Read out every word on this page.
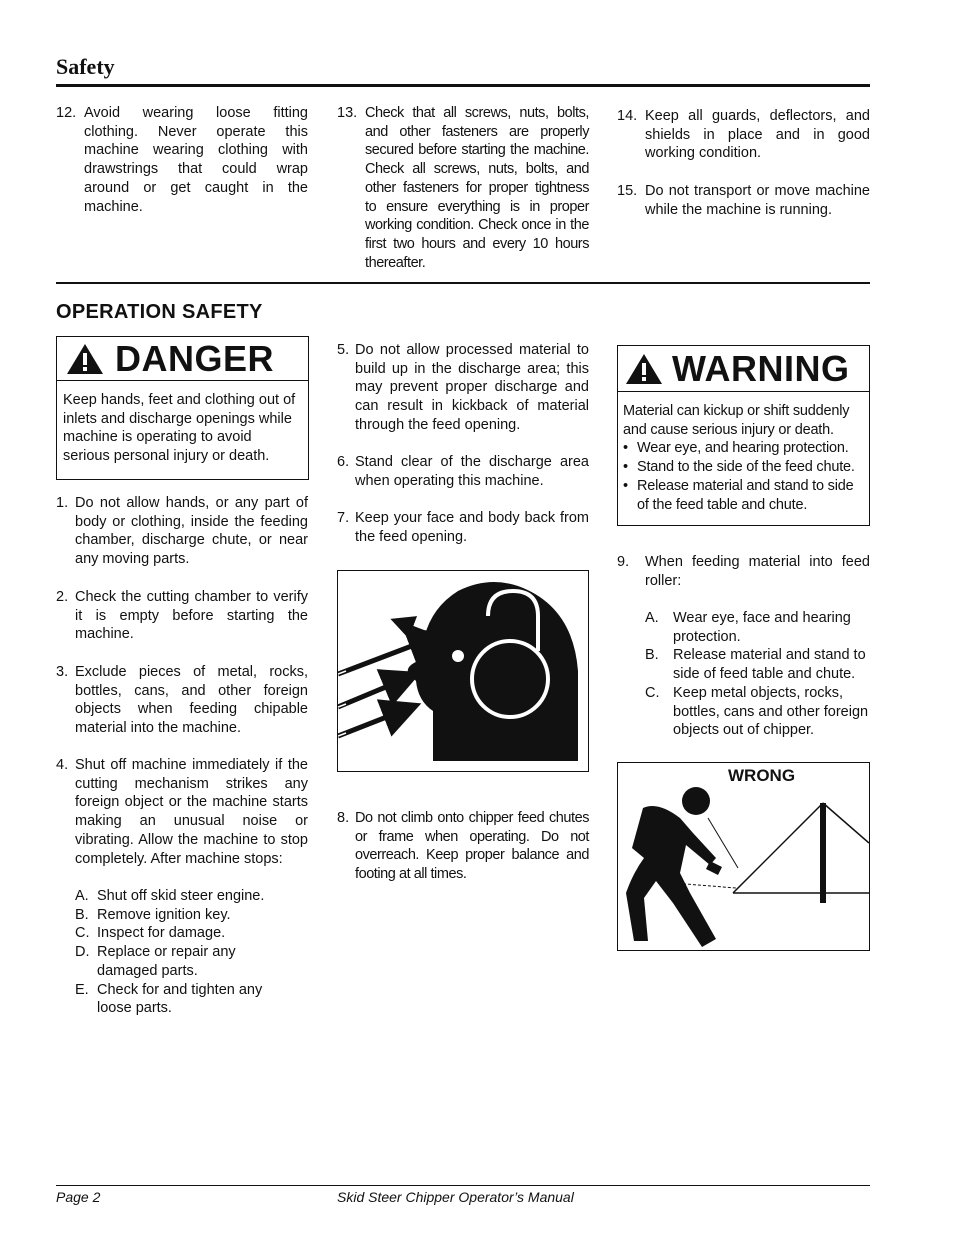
Safety
12. Avoid wearing loose fitting clothing. Never operate this machine wearing clothing with drawstrings that could wrap around or get caught in the machine.
13. Check that all screws, nuts, bolts, and other fasteners are properly secured before starting the machine. Check all screws, nuts, bolts, and other fasteners for proper tightness to ensure everything is in proper working condition. Check once in the first two hours and every 10 hours thereafter.
14. Keep all guards, deflectors, and shields in place and in good working condition.
15. Do not transport or move machine while the machine is running.
OPERATION SAFETY
DANGER
Keep hands, feet and clothing out of inlets and discharge openings while machine is operating to avoid serious personal injury or death.
1. Do not allow hands, or any part of body or clothing, inside the feeding chamber, discharge chute, or near any moving parts.
2. Check the cutting chamber to verify it is empty before starting the machine.
3. Exclude pieces of metal, rocks, bottles, cans, and other foreign objects when feeding chipable material into the machine.
4. Shut off machine immediately if the cutting mechanism strikes any foreign object or the machine starts making an unusual noise or vibrating. Allow the machine to stop completely. After machine stops:
A. Shut off skid steer engine.
B. Remove ignition key.
C. Inspect for damage.
D. Replace or repair any damaged parts.
E. Check for and tighten any loose parts.
5. Do not allow processed material to build up in the discharge area; this may prevent proper discharge and can result in kickback of material through the feed opening.
6. Stand clear of the discharge area when operating this machine.
7. Keep your face and body back from the feed opening.
8. Do not climb onto chipper feed chutes or frame when operating. Do not overreach. Keep proper balance and footing at all times.
WARNING
Material can kickup or shift suddenly and cause serious injury or death.
• Wear eye, and hearing protection.
• Stand to the side of the feed chute.
• Release material and stand to side of the feed table and chute.
9.	When feeding material into feed roller:
A. Wear eye, face and hearing protection.
B. Release material and stand to side of feed table and chute.
C. Keep metal objects, rocks, bottles, cans and other foreign objects out of chipper.
WRONG
Page 2	Skid Steer Chipper Operator’s Manual
